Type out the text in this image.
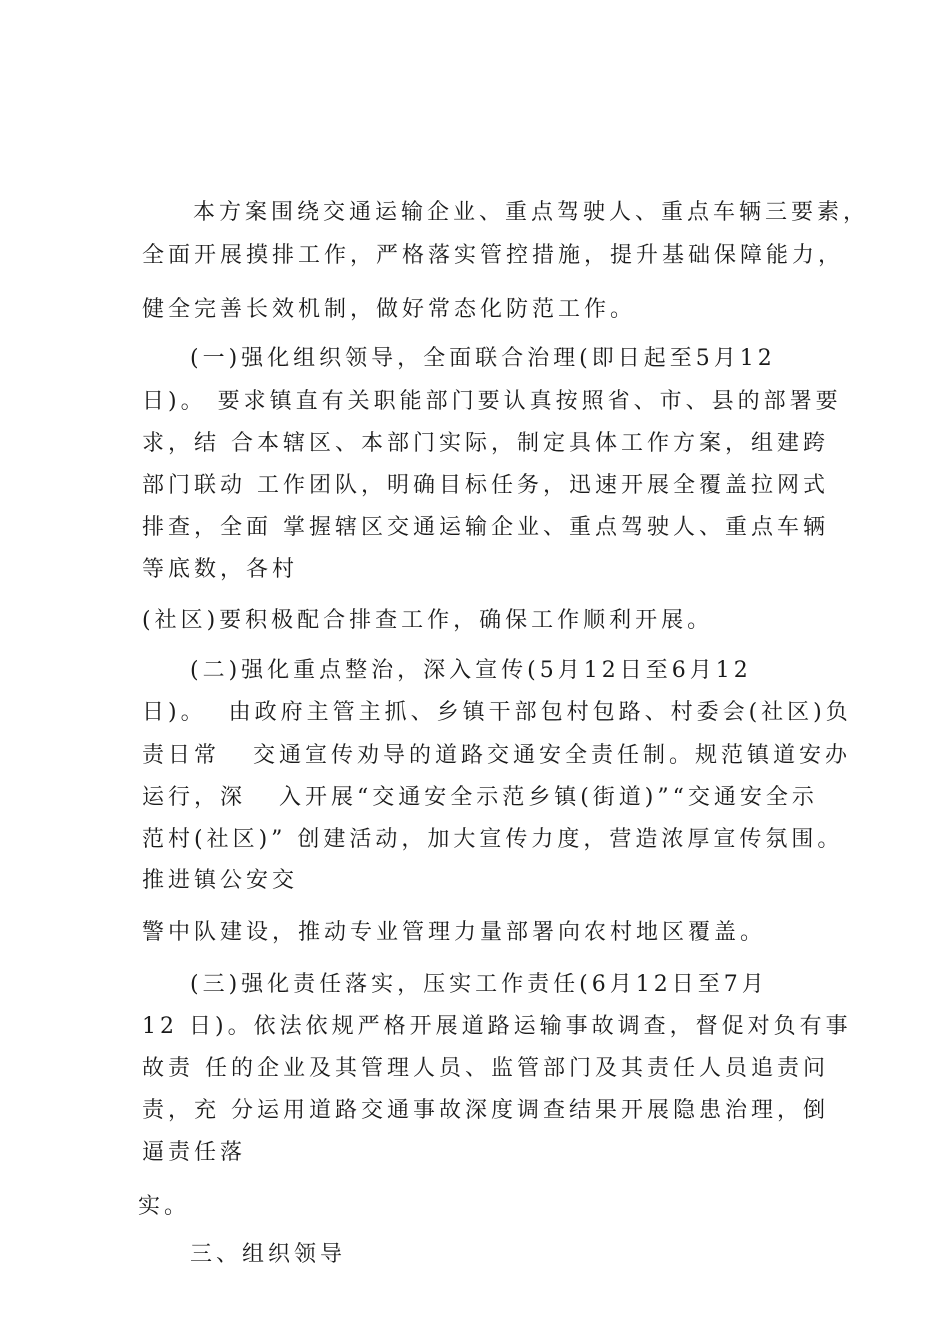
本方案围绕交通运输企业、重点驾驶人、重点车辆三要素，
全面开展摸排工作，严格落实管控措施，提升基础保障能力，
健全完善长效机制，做好常态化防范工作。
(一)强化组织领导，全面联合治理(即日起至5月12
日)。 要求镇直有关职能部门要认真按照省、市、县的部署要
求，结 合本辖区、本部门实际，制定具体工作方案，组建跨
部门联动 工作团队，明确目标任务，迅速开展全覆盖拉网式
排查，全面 掌握辖区交通运输企业、重点驾驶人、重点车辆
等底数，各村
(社区)要积极配合排查工作，确保工作顺利开展。
(二)强化重点整治，深入宣传(5月12日至6月12
日)。  由政府主管主抓、乡镇干部包村包路、村委会(社区)负
责日常   交通宣传劝导的道路交通安全责任制。规范镇道安办
运行，深   入开展“交通安全示范乡镇(街道)”“交通安全示
范村(社区)” 创建活动，加大宣传力度，营造浓厚宣传氛围。
推进镇公安交
警中队建设，推动专业管理力量部署向农村地区覆盖。
(三)强化责任落实，压实工作责任(6月12日至7月
12 日)。依法依规严格开展道路运输事故调查，督促对负有事
故责 任的企业及其管理人员、监管部门及其责任人员追责问
责，充 分运用道路交通事故深度调查结果开展隐患治理，倒
逼责任落
实。
三、组织领导
